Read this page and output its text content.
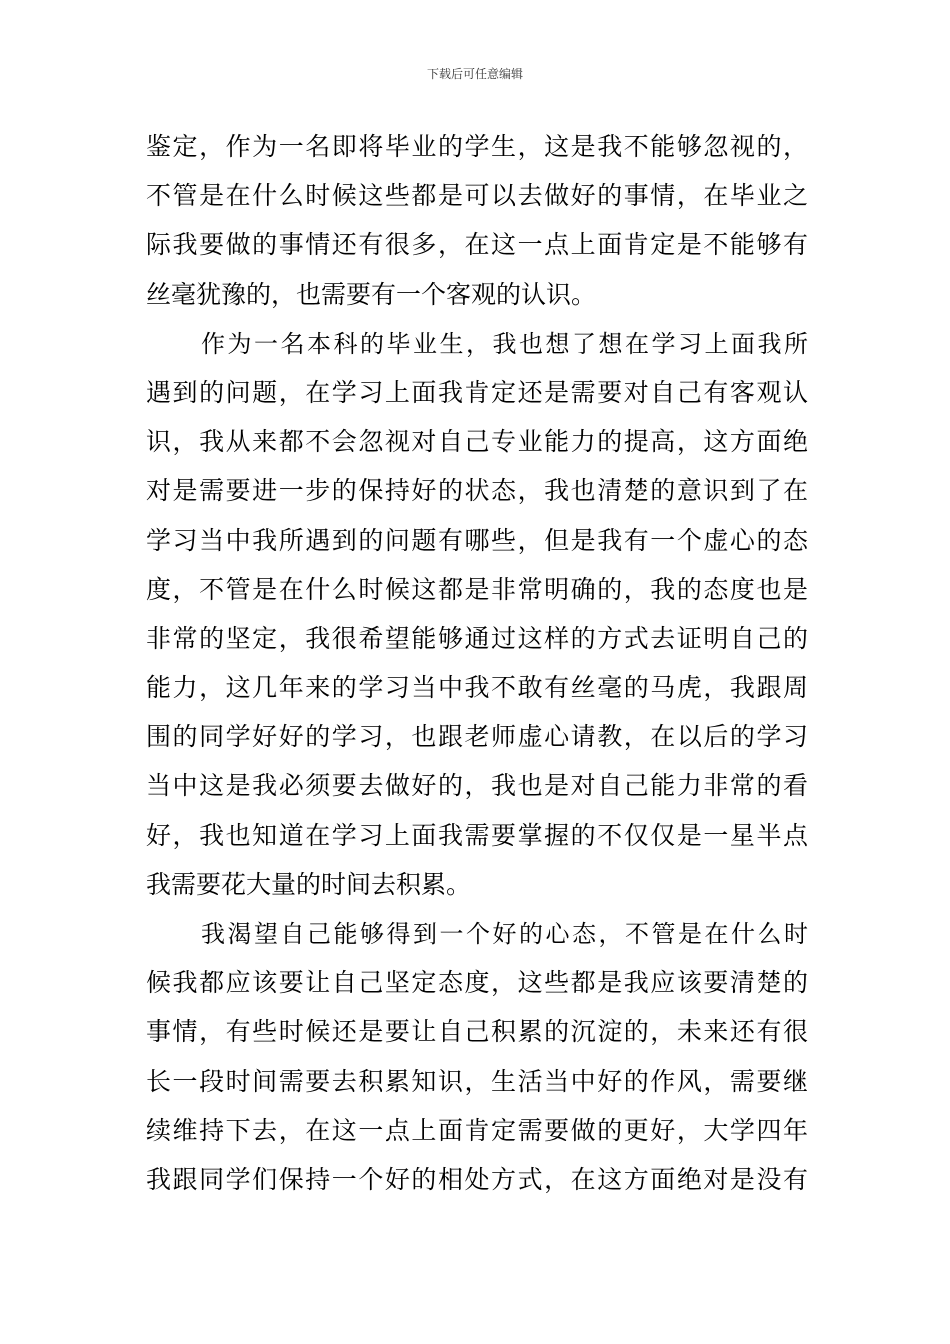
下载后可任意编辑
鉴定，作为一名即将毕业的学生，这是我不能够忽视的，
不管是在什么时候这些都是可以去做好的事情，在毕业之
际我要做的事情还有很多，在这一点上面肯定是不能够有
丝毫犹豫的，也需要有一个客观的认识。
作为一名本科的毕业生，我也想了想在学习上面我所
遇到的问题，在学习上面我肯定还是需要对自己有客观认
识，我从来都不会忽视对自己专业能力的提高，这方面绝
对是需要进一步的保持好的状态，我也清楚的意识到了在
学习当中我所遇到的问题有哪些，但是我有一个虚心的态
度，不管是在什么时候这都是非常明确的，我的态度也是
非常的坚定，我很希望能够通过这样的方式去证明自己的
能力，这几年来的学习当中我不敢有丝毫的马虎，我跟周
围的同学好好的学习，也跟老师虚心请教，在以后的学习
当中这是我必须要去做好的，我也是对自己能力非常的看
好，我也知道在学习上面我需要掌握的不仅仅是一星半点
我需要花大量的时间去积累。
我渴望自己能够得到一个好的心态，不管是在什么时
候我都应该要让自己坚定态度，这些都是我应该要清楚的
事情，有些时候还是要让自己积累的沉淀的，未来还有很
长一段时间需要去积累知识，生活当中好的作风，需要继
续维持下去，在这一点上面肯定需要做的更好，大学四年
我跟同学们保持一个好的相处方式，在这方面绝对是没有
